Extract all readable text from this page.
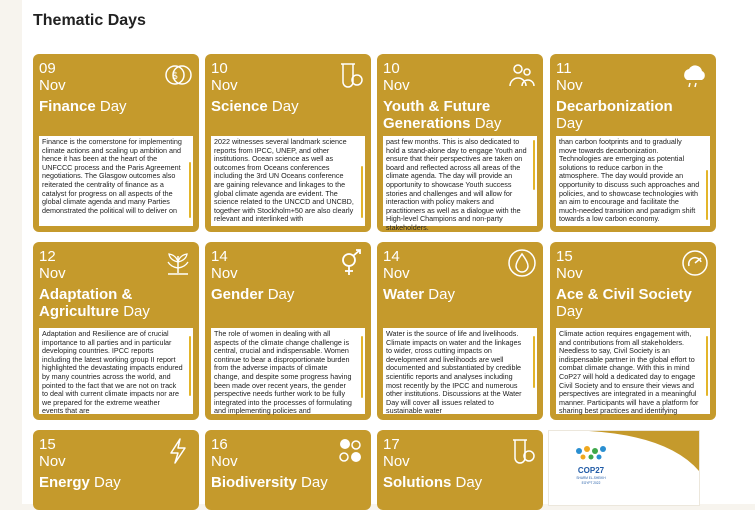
Thematic Days
09
Nov
Finance Day
$

Finance is the cornerstone for implementing climate actions and scaling up ambition and hence it has been at the heart of the UNFCCC process and the Paris Agreement negotiations. The Glasgow outcomes also reiterated the centrality of finance as a catalyst for progress on all aspects of the global climate agenda and many Parties demonstrated the political will to deliver on

10
Nov
Science Day

2022 witnesses several landmark science reports from IPCC, UNEP, and other institutions. Ocean science as well as outcomes from Oceans conferences including the 3rd UN Oceans conference are gaining relevance and linkages to the global climate agenda are evident. The science related to the UNCCD and UNCBD, together with Stockholm+50 are also clearly relevant and interlinked with

10
Nov
Youth & Future Generations Day

past few months. This is also dedicated to hold a stand-alone day to engage Youth and ensure that their perspectives are taken on board and reflected across all areas of the climate agenda. The day will provide an opportunity to showcase Youth success stories and challenges and will allow for interaction with policy makers and practitioners as well as a dialogue with the High-level Champions and non-party stakeholders.

11
Nov
Decarbonization
Day

than carbon footprints and to gradually move towards decarbonization. Technologies are emerging as potential solutions to reduce carbon in the atmosphere. The day would provide an opportunity to discuss such approaches and policies, and to showcase technologies with an aim to encourage and facilitate the much-needed transition and paradigm shift towards a low carbon economy.

12
Nov
Adaptation & Agriculture Day

Adaptation and Resilience are of crucial importance to all parties and in particular developing countries. IPCC reports including the latest working group II report highlighted the devastating impacts endured by many countries across the world, and pointed to the fact that we are not on track to deal with current climate impacts nor are we prepared for the extreme weather events that are

14
Nov
Gender Day

The role of women in dealing with all aspects of the climate change challenge is central, crucial and indispensable. Women continue to bear a disproportionate burden from the adverse impacts of climate change, and despite some progress having been made over recent years, the gender perspective needs further work to be fully integrated into the processes of formulating and implementing policies and

14
Nov
Water Day

Water is the source of life and livelihoods. Climate impacts on water and the linkages to wider, cross cutting impacts on development and livelihoods are well documented and substantiated by credible scientific reports and analyses including most recently by the IPCC and numerous other institutions. Discussions at the Water Day will cover all issues related to sustainable water

15
Nov
Ace & Civil Society
Day

Climate action requires engagement with, and contributions from all stakeholders. Needless to say, Civil Society is an indispensable partner in the global effort to combat climate change. With this in mind CoP27 will hold a dedicated day to engage Civil Society and to ensure their views and perspectives are integrated in a meaningful manner. Participants will have a platform for sharing best practices and identifying

15
Nov
Energy Day
16
Nov
Biodiversity Day
17
Nov
Solutions Day
COP27
SHARM EL-SHEIKH
EGYPT 2022
